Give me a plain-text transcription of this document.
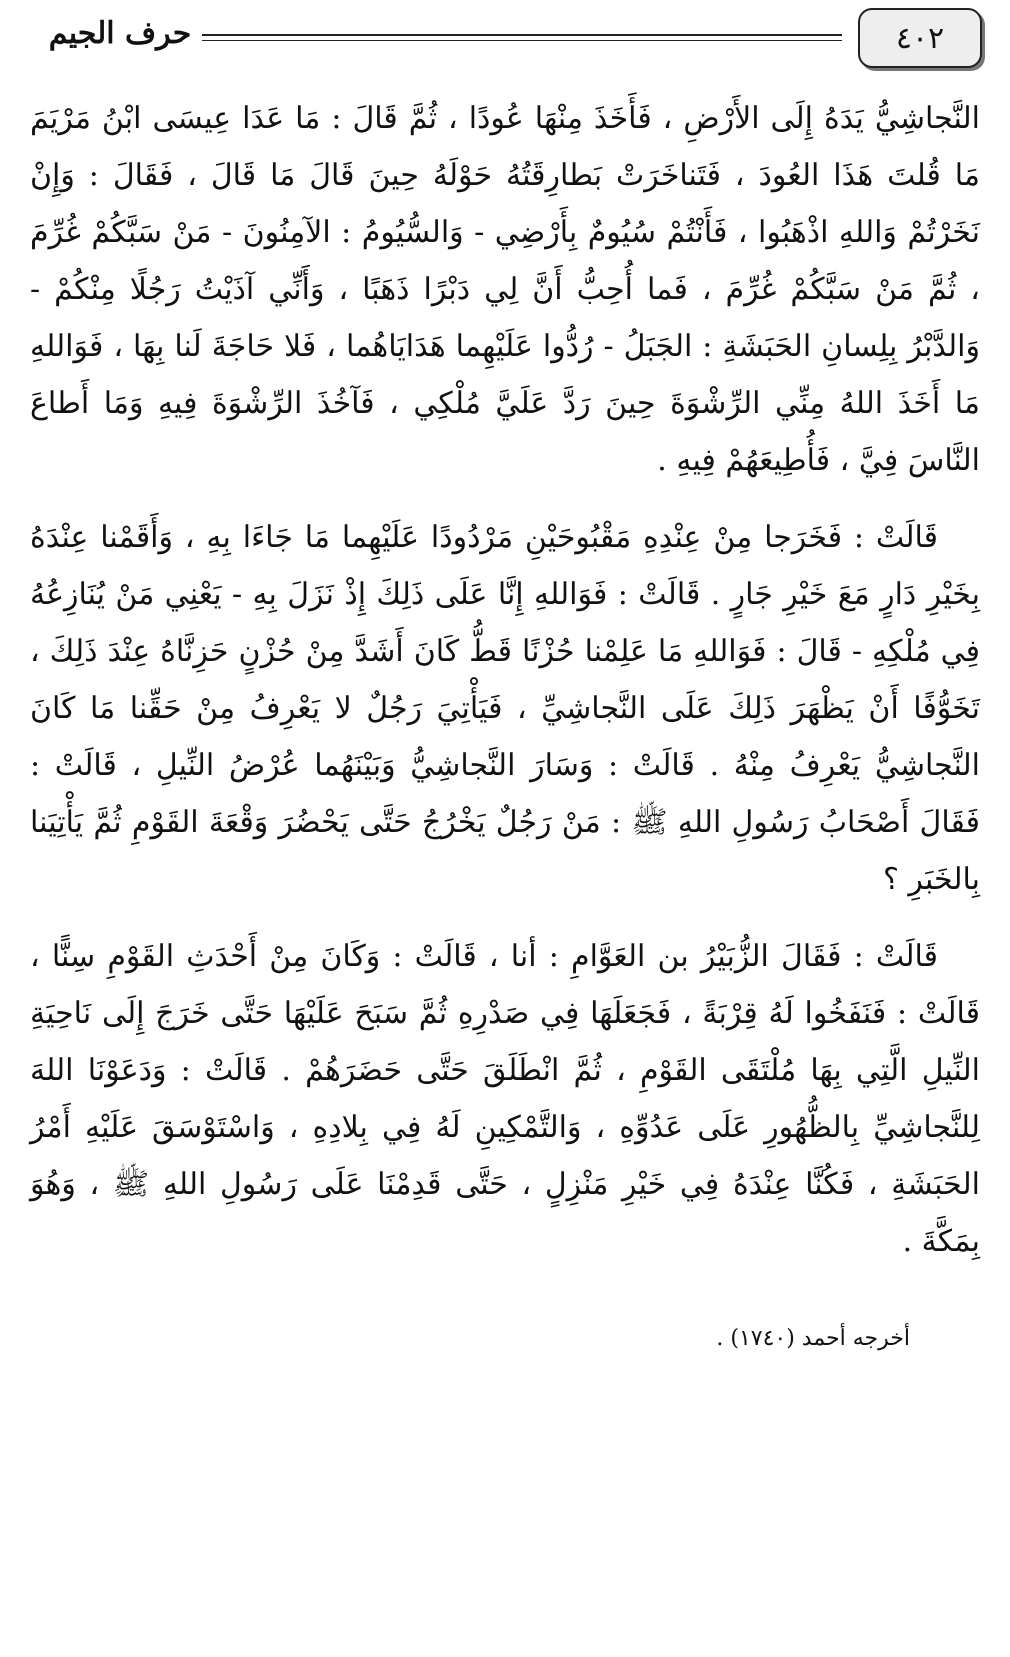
٤٠٢
حرف الجيم

النَّجاشِيُّ يَدَهُ إِلَى الأَرْضِ ، فَأَخَذَ مِنْهَا عُودًا ، ثُمَّ قَالَ : مَا عَدَا عِيسَى ابْنُ مَرْيَمَ مَا قُلتَ هَذَا العُودَ ، فَتَناخَرَتْ بَطارِقَتُهُ حَوْلَهُ حِينَ قَالَ مَا قَالَ ، فَقَالَ : وَإِنْ نَخَرْتُمْ وَاللهِ اذْهَبُوا ، فَأَنْتُمْ سُيُومٌ بِأَرْضِي - وَالسُّيُومُ : الآمِنُونَ - مَنْ سَبَّكُمْ غُرِّمَ ، ثُمَّ مَنْ سَبَّكُمْ غُرِّمَ ، فَما أُحِبُّ أَنَّ لِي دَبْرًا ذَهَبًا ، وَأَنِّي آذَيْتُ رَجُلًا مِنْكُمْ - وَالدَّبْرُ بِلِسانِ الحَبَشَةِ : الجَبَلُ - رُدُّوا عَلَيْهِما هَدَايَاهُما ، فَلا حَاجَةَ لَنا بِهَا ، فَوَاللهِ مَا أَخَذَ اللهُ مِنِّي الرِّشْوَةَ حِينَ رَدَّ عَلَيَّ مُلْكِي ، فَآخُذَ الرِّشْوَةَ فِيهِ وَمَا أَطاعَ النَّاسَ فِيَّ ، فَأُطِيعَهُمْ فِيهِ .

قَالَتْ : فَخَرَجا مِنْ عِنْدِهِ مَقْبُوحَيْنِ مَرْدُودًا عَلَيْهِما مَا جَاءَا بِهِ ، وَأَقَمْنا عِنْدَهُ بِخَيْرِ دَارٍ مَعَ خَيْرِ جَارٍ . قَالَتْ : فَوَاللهِ إِنَّا عَلَى ذَلِكَ إِذْ نَزَلَ بِهِ - يَعْنِي مَنْ يُنَازِعُهُ فِي مُلْكِهِ - قَالَ : فَوَاللهِ مَا عَلِمْنا حُزْنًا قَطُّ كَانَ أَشَدَّ مِنْ حُزْنٍ حَزِنَّاهُ عِنْدَ ذَلِكَ ، تَخَوُّفًا أَنْ يَظْهَرَ ذَلِكَ عَلَى النَّجاشِيِّ ، فَيَأْتِيَ رَجُلٌ لا يَعْرِفُ مِنْ حَقِّنا مَا كَانَ النَّجاشِيُّ يَعْرِفُ مِنْهُ . قَالَتْ : وَسَارَ النَّجاشِيُّ وَبَيْنَهُما عُرْضُ النِّيلِ ، قَالَتْ : فَقَالَ أَصْحَابُ رَسُولِ اللهِ ﷺ : مَنْ رَجُلٌ يَخْرُجُ حَتَّى يَحْضُرَ وَقْعَةَ القَوْمِ ثُمَّ يَأْتِيَنا بِالخَبَرِ ؟

قَالَتْ : فَقَالَ الزُّبَيْرُ بن العَوَّامِ : أنا ، قَالَتْ : وَكَانَ مِنْ أَحْدَثِ القَوْمِ سِنًّا ، قَالَتْ : فَنَفَخُوا لَهُ قِرْبَةً ، فَجَعَلَهَا فِي صَدْرِهِ ثُمَّ سَبَحَ عَلَيْهَا حَتَّى خَرَجَ إِلَى نَاحِيَةِ النِّيلِ الَّتِي بِهَا مُلْتَقَى القَوْمِ ، ثُمَّ انْطَلَقَ حَتَّى حَضَرَهُمْ . قَالَتْ : وَدَعَوْنَا اللهَ لِلنَّجاشِيِّ بِالظُّهُورِ عَلَى عَدُوِّهِ ، وَالتَّمْكِينِ لَهُ فِي بِلادِهِ ، وَاسْتَوْسَقَ عَلَيْهِ أَمْرُ الحَبَشَةِ ، فَكُنَّا عِنْدَهُ فِي خَيْرِ مَنْزِلٍ ، حَتَّى قَدِمْنَا عَلَى رَسُولِ اللهِ ﷺ ، وَهُوَ بِمَكَّةَ .

أخرجه أحمد (١٧٤٠) .
